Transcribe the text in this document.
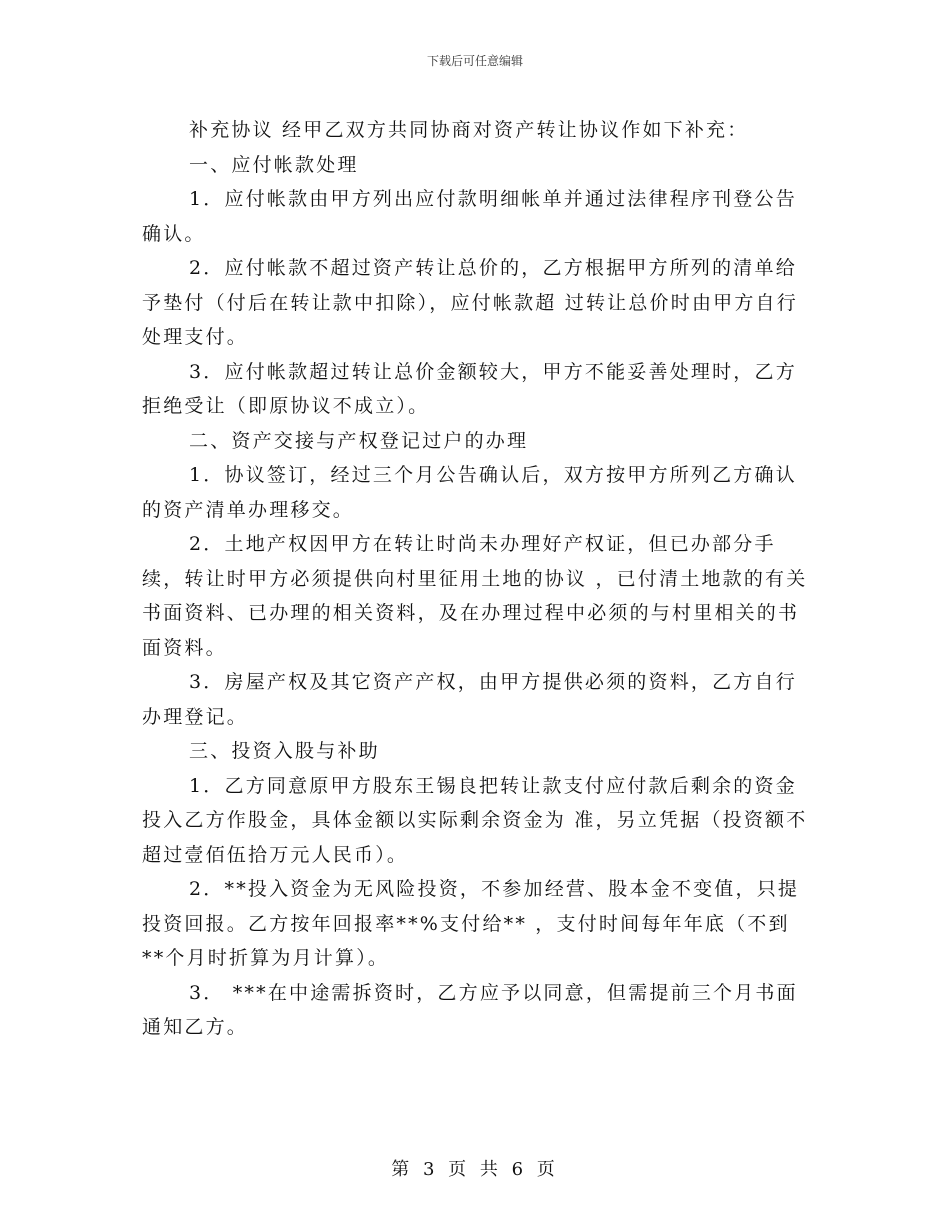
下载后可任意编辑

补充协议 经甲乙双方共同协商对资产转让协议作如下补充：

一、应付帐款处理

1．应付帐款由甲方列出应付款明细帐单并通过法律程序刊登公告确认。

2．应付帐款不超过资产转让总价的，乙方根据甲方所列的清单给予垫付（付后在转让款中扣除），应付帐款超 过转让总价时由甲方自行处理支付。

3．应付帐款超过转让总价金额较大，甲方不能妥善处理时，乙方拒绝受让（即原协议不成立）。

二、资产交接与产权登记过户的办理

1．协议签订，经过三个月公告确认后，双方按甲方所列乙方确认的资产清单办理移交。

2．土地产权因甲方在转让时尚未办理好产权证，但已办部分手续，转让时甲方必须提供向村里征用土地的协议 ，已付清土地款的有关书面资料、已办理的相关资料，及在办理过程中必须的与村里相关的书面资料。

3．房屋产权及其它资产产权，由甲方提供必须的资料，乙方自行办理登记。

三、投资入股与补助

1．乙方同意原甲方股东王锡良把转让款支付应付款后剩余的资金投入乙方作股金，具体金额以实际剩余资金为 准，另立凭据（投资额不超过壹佰伍拾万元人民币）。

2．**投入资金为无风险投资，不参加经营、股本金不变值，只提投资回报。乙方按年回报率**%支付给** ，支付时间每年年底（不到**个月时折算为月计算）。

3． ***在中途需拆资时，乙方应予以同意，但需提前三个月书面通知乙方。

第 3 页 共 6 页
